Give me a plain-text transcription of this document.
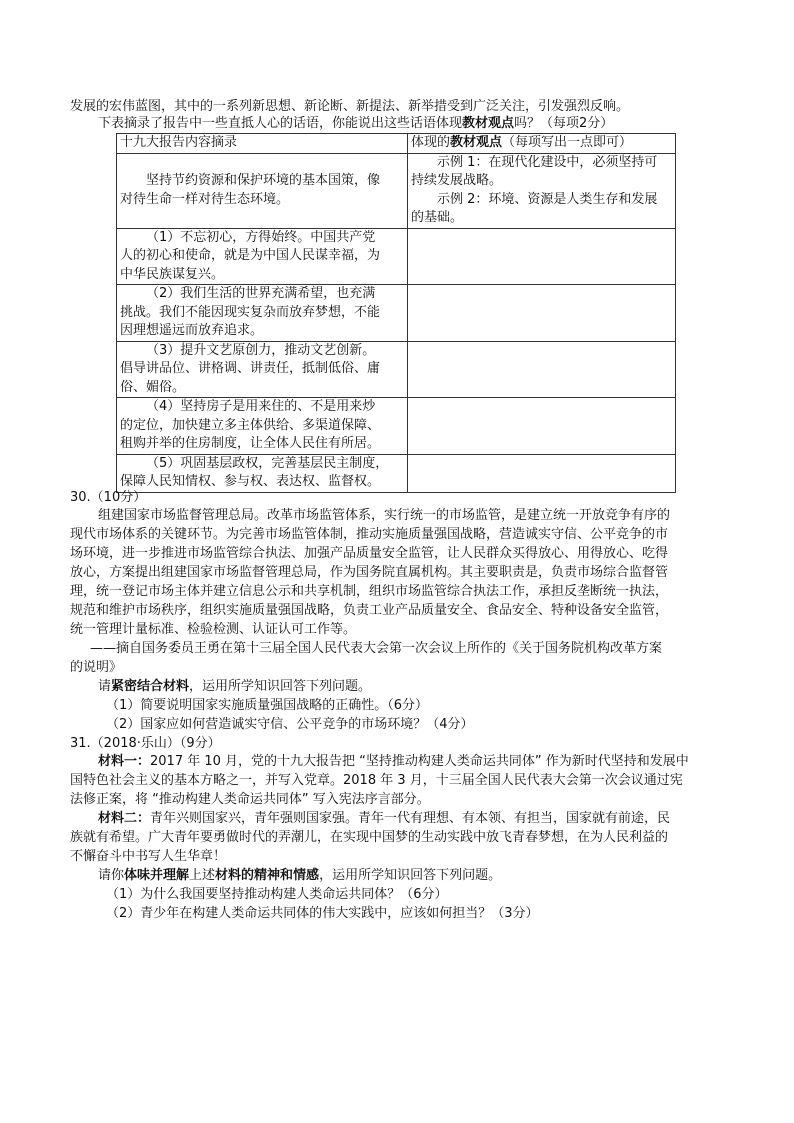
发展的宏伟蓝图，其中的一系列新思想、新论断、新提法、新举措受到广泛关注，引发强烈反响。
下表摘录了报告中一些直抵人心的话语，你能说出这些话语体现教材观点吗？（每项2分）
十九大报告内容摘录	体现的教材观点（每项写出一点即可）

坚持节约资源和保护环境的基本国策，像
对待生命一样对待生态环境。	示例 1：在现代化建设中，必须坚持可
持续发展战略。
示例 2：环境、资源是人类生存和发展
的基础。

（1）不忘初心，方得始终。中国共产党
人的初心和使命，就是为中国人民谋幸福，为
中华民族谋复兴。	

（2）我们生活的世界充满希望，也充满
挑战。我们不能因现实复杂而放弃梦想，不能
因理想遥远而放弃追求。	

（3）提升文艺原创力，推动文艺创新。
倡导讲品位、讲格调、讲责任，抵制低俗、庸
俗、媚俗。	

（4）坚持房子是用来住的、不是用来炒
的定位，加快建立多主体供给、多渠道保障、
租购并举的住房制度，让全体人民住有所居。	

（5）巩固基层政权，完善基层民主制度，
保障人民知情权、参与权、表达权、监督权。	

30.（10分）
组建国家市场监督管理总局。改革市场监管体系，实行统一的市场监管，是建立统一开放竞争有序的
现代市场体系的关键环节。为完善市场监管体制，推动实施质量强国战略，营造诚实守信、公平竞争的市
场环境，进一步推进市场监管综合执法、加强产品质量安全监管，让人民群众买得放心、用得放心、吃得
放心，方案提出组建国家市场监督管理总局，作为国务院直属机构。其主要职责是，负责市场综合监督管
理，统一登记市场主体并建立信息公示和共享机制，组织市场监管综合执法工作，承担反垄断统一执法，
规范和维护市场秩序，组织实施质量强国战略，负责工业产品质量安全、食品安全、特种设备安全监管，
统一管理计量标准、检验检测、认证认可工作等。
——摘自国务委员王勇在第十三届全国人民代表大会第一次会议上所作的《关于国务院机构改革方案
的说明》
请紧密结合材料，运用所学知识回答下列问题。
（1）简要说明国家实施质量强国战略的正确性。（6分）
（2）国家应如何营造诚实守信、公平竞争的市场环境？（4分）
31.（2018·乐山）（9分）
材料一：2017 年 10 月，党的十九大报告把 “坚持推动构建人类命运共同体” 作为新时代坚持和发展中
国特色社会主义的基本方略之一，并写入党章。2018 年 3 月，十三届全国人民代表大会第一次会议通过宪
法修正案，将 “推动构建人类命运共同体” 写入宪法序言部分。
材料二：青年兴则国家兴，青年强则国家强。青年一代有理想、有本领、有担当，国家就有前途，民
族就有希望。广大青年要勇做时代的弄潮儿，在实现中国梦的生动实践中放飞青春梦想，在为人民利益的
不懈奋斗中书写人生华章！
请你体味并理解上述材料的精神和情感，运用所学知识回答下列问题。
（1）为什么我国要坚持推动构建人类命运共同体？（6分）
（2）青少年在构建人类命运共同体的伟大实践中，应该如何担当？（3分）
